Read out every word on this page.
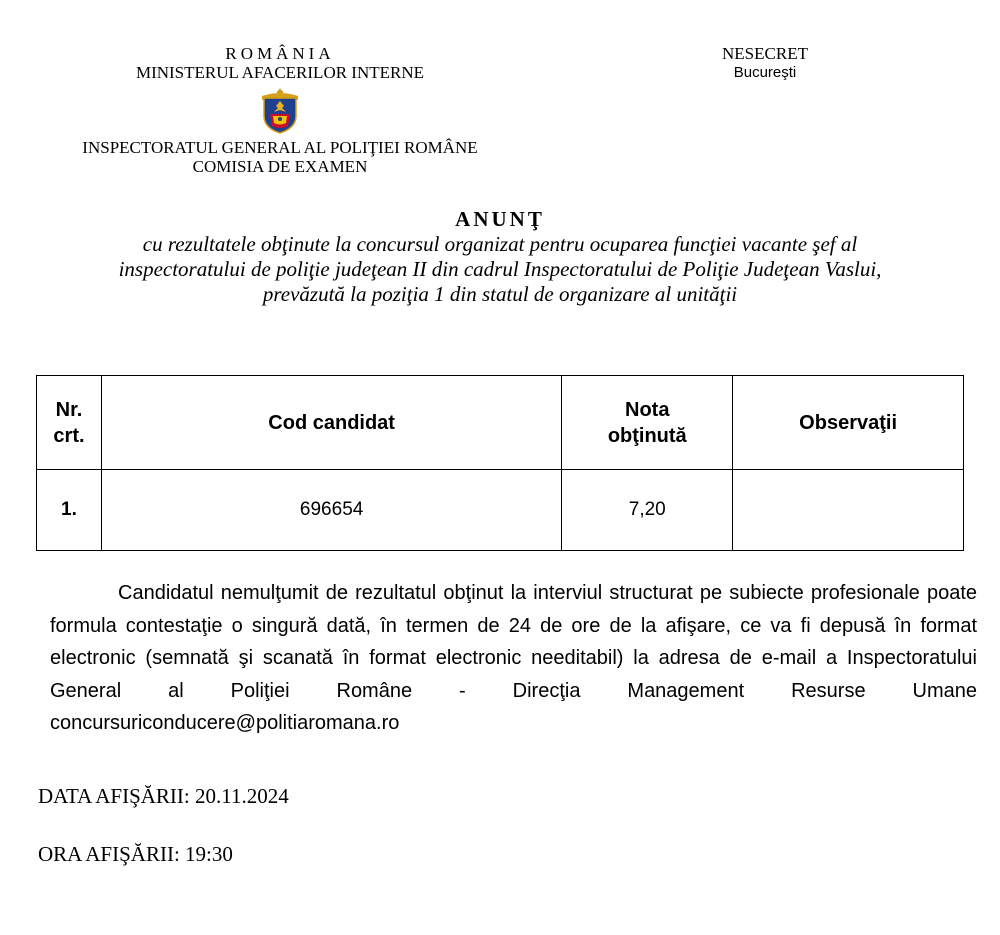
ROMÂNIA
MINISTERUL AFACERILOR INTERNE
INSPECTORATUL GENERAL AL POLIŢIEI ROMÂNE
COMISIA DE EXAMEN
NESECRET
Bucureşti
ANUNŢ
cu rezultatele obţinute la concursul organizat pentru ocuparea funcţiei vacante şef al
inspectoratului de poliţie judeţean II din cadrul Inspectoratului de Poliţie Judeţean Vaslui,
prevăzută la poziţia 1 din statul de organizare al unităţii
Nr. crt.	Cod candidat	Nota obţinută	Observaţii
1.	696654	7,20	
Candidatul nemulţumit de rezultatul obţinut la interviul structurat pe subiecte profesionale poate formula contestaţie o singură dată, în termen de 24 de ore de la afişare, ce va fi depusă în format electronic (semnată şi scanată în format electronic needitabil) la adresa de e-mail a Inspectoratului General al Poliţiei Române - Direcţia Management Resurse Umane concursuriconducere@politiaromana.ro
DATA AFIŞĂRII: 20.11.2024
ORA AFIŞĂRII: 19:30
